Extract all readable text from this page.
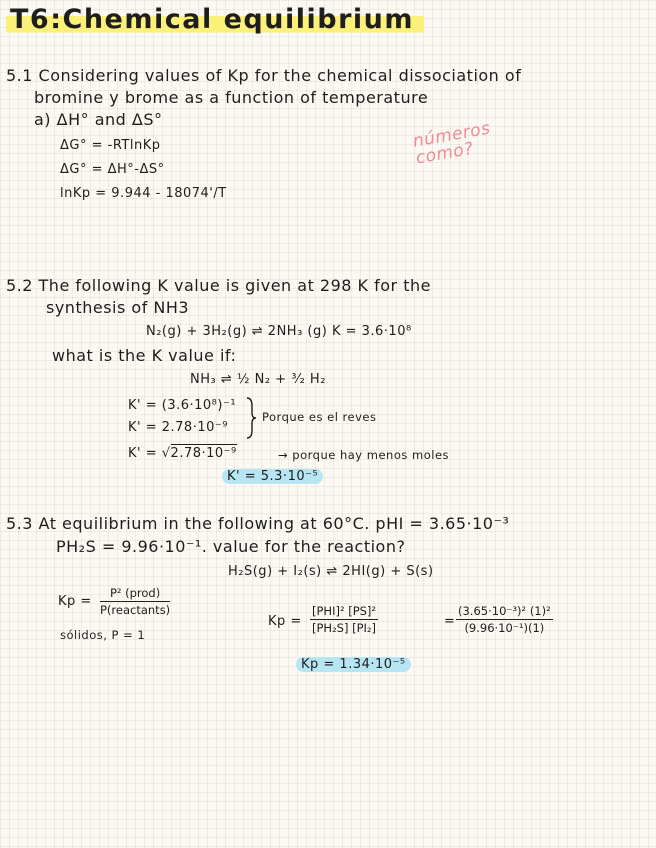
T6:Chemical equilibrium
5.1 Considering values of Kp for the chemical dissociation of
bromine y brome as a function of temperature
a) ΔH° and ΔS°
ΔG° = -RTlnKp
ΔG° = ΔH°-ΔS°
lnKp = 9.944 - 18074'/T
números como?
5.2 The following K value is given at 298 K for the
synthesis of NH3
N₂(g) + 3H₂(g) ⇌ 2NH₃ (g) K = 3.6·10⁸
what is the K value if:
NH₃ ⇌ ½ N₂ + ³⁄₂ H₂
K' = (3.6·10⁸)⁻¹
K' = 2.78·10⁻⁹
Porque es el reves
K' = √2.78·10⁻⁹	→ porque hay menos moles
K' = 5.3·10⁻⁵
5.3 At equilibrium in the following at 60°C. pHI = 3.65·10⁻³
PH₂S = 9.96·10⁻¹. value for the reaction?
H₂S(g) + I₂(s) ⇌ 2HI(g) + S(s)
Kp =
P² (prod)
P(reactants)
sólidos, P = 1
Kp =
[PHI]² [PS]²
[PH₂S] [PI₂]	= $\frac{\text{(3.65·10⁻³)² (1)²}}{\text{(9.96·10⁻¹)(1)}}$
Kp = 1.34·10⁻⁵
